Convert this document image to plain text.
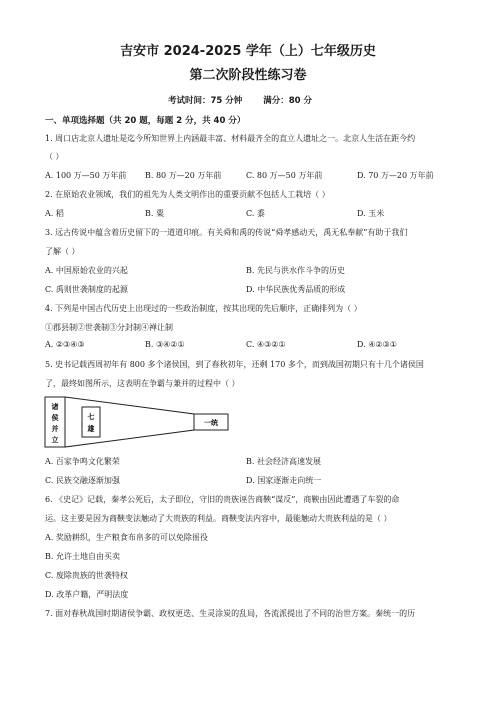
吉安市 2024-2025 学年（上）七年级历史
第二次阶段性练习卷
考试时间：75 分钟 满分：80 分
一、单项选择题（共 20 题，每题 2 分，共 40 分）
1. 周口店北京人遗址是迄今所知世界上内涵最丰富、材料最齐全的直立人遗址之一。北京人生活在距今约
（ ）
A. 100 万—50 万年前 B. 80 万—20 万年前	C. 80 万—50 万年前	D. 70 万—20 万年前
2. 在原始农业领域，我们的祖先为人类文明作出的重要贡献不包括人工栽培（ ）
A. 稻	B. 粟	C. 黍	D. 玉米
3. 远古传说中蕴含着历史留下的一道道印痕。有关舜和禹的传说“舜孝感动天，禹无私奉献”有助于我们
了解（ ）
A. 中国原始农业的兴起	B. 先民与洪水作斗争的历史
C. 禹则世袭制度的起源	D. 中华民族优秀品质的形成
4. 下列是中国古代历史上出现过的一些政治制度，按其出现的先后顺序，正确排列为（ ）
①郡县制②世袭制③分封制④禅让制
A. ②③④③	B. ③④②①	C. ④③②①	D. ④②③①
5. 史书记载西周初年有 800 多个诸侯国，到了春秋初年，还剩 170 多个，而到战国初期只有十几个诸侯国
了，最终如图所示，这表明在争霸与兼并的过程中（ ）
诸
侯
并
立
七
雄
一统
A. 百家争鸣文化繁荣	B. 社会经济高速发展
C. 民族交融逐渐加强	D. 国家逐渐走向统一
6. 《史记》记载，秦孝公死后，太子即位，守旧的贵族诬告商鞅“谋反”，商鞅由因此遭遇了车裂的命
运。这主要是因为商鞅变法触动了大贵族的利益。商鞅变法内容中，最能触动大贵族利益的是（ ）
A. 奖励耕织，生产粮食布帛多的可以免除徭役
B. 允许土地自由买卖
C. 废除贵族的世袭特权
D. 改革户籍，严明法度
7. 面对春秋战国时期诸侯争霸、政权更迭、生灵涂炭的乱局，各流派提出了不同的治世方案。秦统一的历
